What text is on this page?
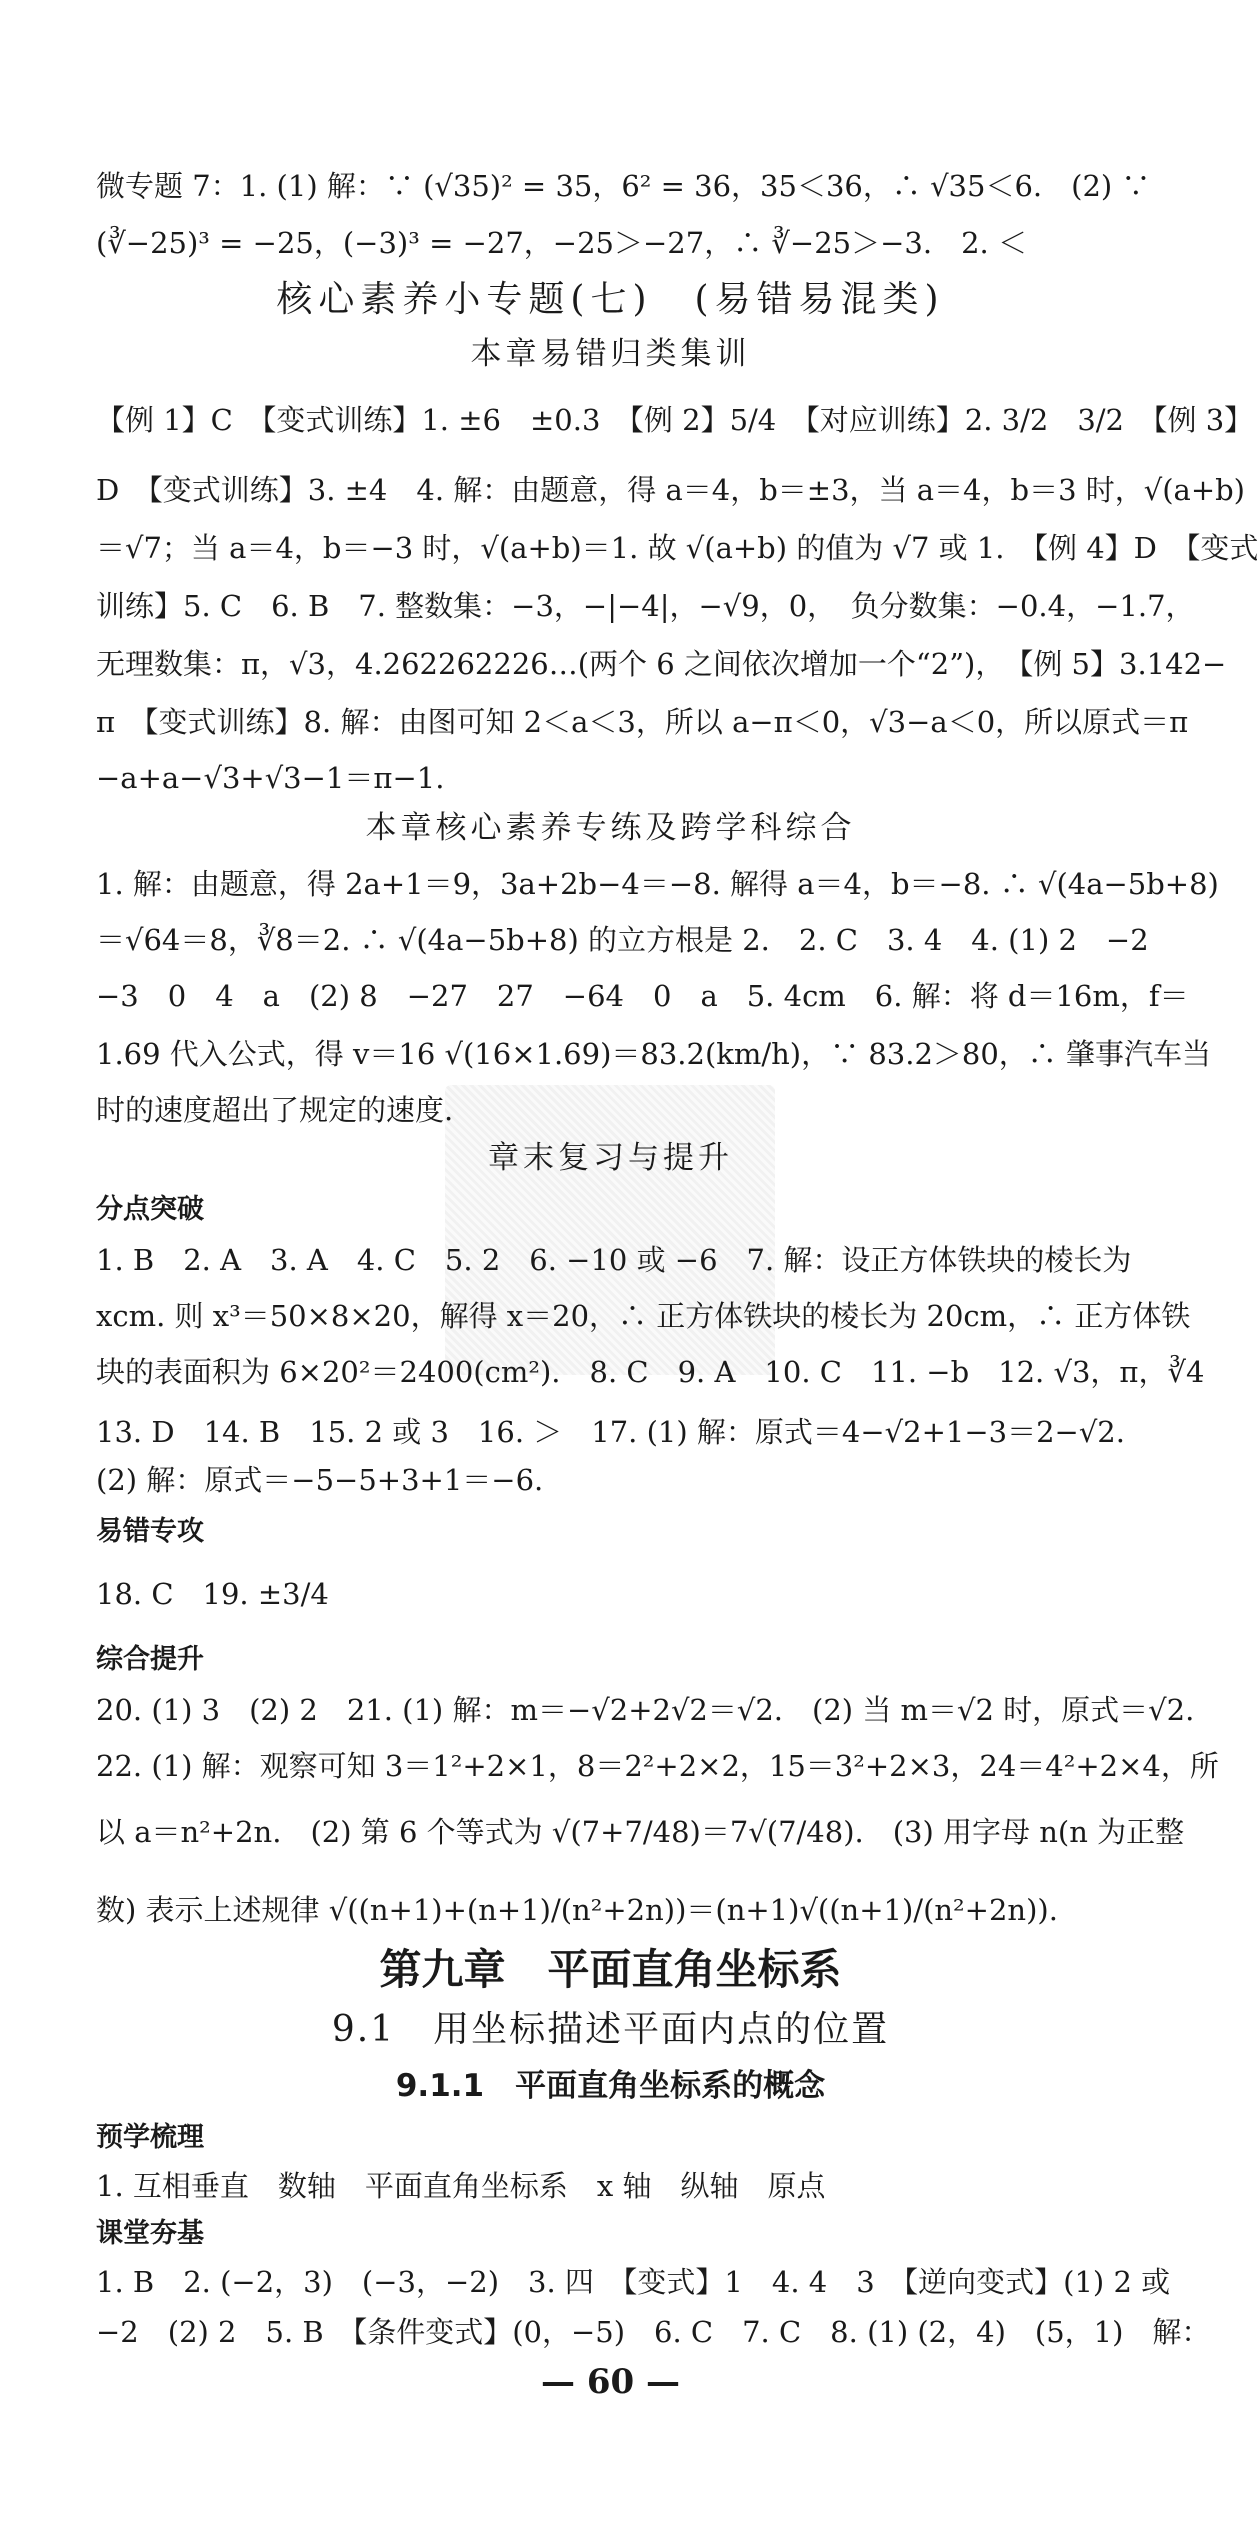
微专题 7：1. (1) 解：∵ (√35)² = 35，6² = 36，35＜36，∴ √35＜6.　(2) ∵
(∛−25)³ = −25，(−3)³ = −27，−25＞−27，∴ ∛−25＞−3.　2. ＜
核心素养小专题(七)　(易错易混类)
本章易错归类集训
【例 1】C　【变式训练】1. ±6　±0.3　【例 2】5/4　【对应训练】2. 3/2　3/2　【例 3】
D　【变式训练】3. ±4　4. 解：由题意，得 a＝4，b＝±3，当 a＝4，b＝3 时，√(a+b)
＝√7；当 a＝4，b＝−3 时，√(a+b)＝1. 故 √(a+b) 的值为 √7 或 1.　【例 4】D　【变式
训练】5. C　6. B　7. 整数集：−3，−|−4|，−√9，0，　负分数集：−0.4，−1.7，
无理数集：π，√3，4.262262226…(两个 6 之间依次增加一个“2”)，　【例 5】3.142−
π　【变式训练】8. 解：由图可知 2＜a＜3，所以 a−π＜0，√3−a＜0，所以原式＝π
−a+a−√3+√3−1＝π−1.
本章核心素养专练及跨学科综合
1. 解：由题意，得 2a+1＝9，3a+2b−4＝−8. 解得 a＝4，b＝−8. ∴ √(4a−5b+8)
＝√64＝8，∛8＝2. ∴ √(4a−5b+8) 的立方根是 2.　2. C　3. 4　4. (1) 2　−2
−3　0　4　a　(2) 8　−27　27　−64　0　a　5. 4cm　6. 解：将 d＝16m，f＝
1.69 代入公式，得 v＝16 √(16×1.69)＝83.2(km/h)，∵ 83.2＞80，∴ 肇事汽车当
时的速度超出了规定的速度.
章末复习与提升
分点突破
1. B　2. A　3. A　4. C　5. 2　6. −10 或 −6　7. 解：设正方体铁块的棱长为
xcm. 则 x³＝50×8×20，解得 x＝20，∴ 正方体铁块的棱长为 20cm，∴ 正方体铁
块的表面积为 6×20²＝2400(cm²).　8. C　9. A　10. C　11. −b　12. √3，π，∛4
13. D　14. B　15. 2 或 3　16. ＞　17. (1) 解：原式＝4−√2+1−3＝2−√2.
(2) 解：原式＝−5−5+3+1＝−6.
易错专攻
18. C　19. ±3/4
综合提升
20. (1) 3　(2) 2　21. (1) 解：m＝−√2+2√2＝√2.　(2) 当 m＝√2 时，原式＝√2.
22. (1) 解：观察可知 3＝1²+2×1，8＝2²+2×2，15＝3²+2×3，24＝4²+2×4，所
以 a＝n²+2n.　(2) 第 6 个等式为 √(7+7/48)＝7√(7/48).　(3) 用字母 n(n 为正整
数) 表示上述规律 √((n+1)+(n+1)/(n²+2n))＝(n+1)√((n+1)/(n²+2n)).
第九章　平面直角坐标系
9.1　用坐标描述平面内点的位置
9.1.1　平面直角坐标系的概念
预学梳理
1. 互相垂直　数轴　平面直角坐标系　x 轴　纵轴　原点
课堂夯基
1. B　2. (−2，3)　(−3，−2)　3. 四　【变式】1　4. 4　3　【逆向变式】(1) 2 或
−2　(2) 2　5. B　【条件变式】(0，−5)　6. C　7. C　8. (1) (2，4)　(5，1)　解：
— 60 —
